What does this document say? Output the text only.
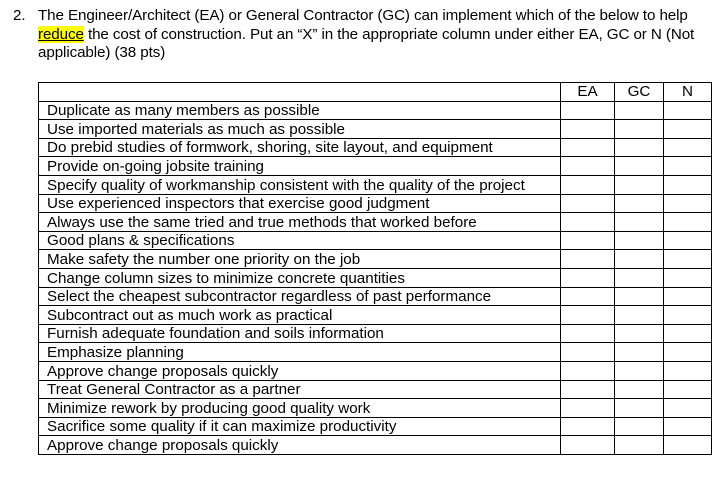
2. The Engineer/Architect (EA) or General Contractor (GC) can implement which of the below to help reduce the cost of construction. Put an “X” in the appropriate column under either EA, GC or N (Not applicable) (38 pts)
	EA	GC	N
Duplicate as many members as possible			
Use imported materials as much as possible			
Do prebid studies of formwork, shoring, site layout, and equipment			
Provide on-going jobsite training			
Specify quality of workmanship consistent with the quality of the project			
Use experienced inspectors that exercise good judgment			
Always use the same tried and true methods that worked before			
Good plans & specifications			
Make safety the number one priority on the job			
Change column sizes to minimize concrete quantities			
Select the cheapest subcontractor regardless of past performance			
Subcontract out as much work as practical			
Furnish adequate foundation and soils information			
Emphasize planning			
Approve change proposals quickly			
Treat General Contractor as a partner			
Minimize rework by producing good quality work			
Sacrifice some quality if it can maximize productivity			
Approve change proposals quickly			
